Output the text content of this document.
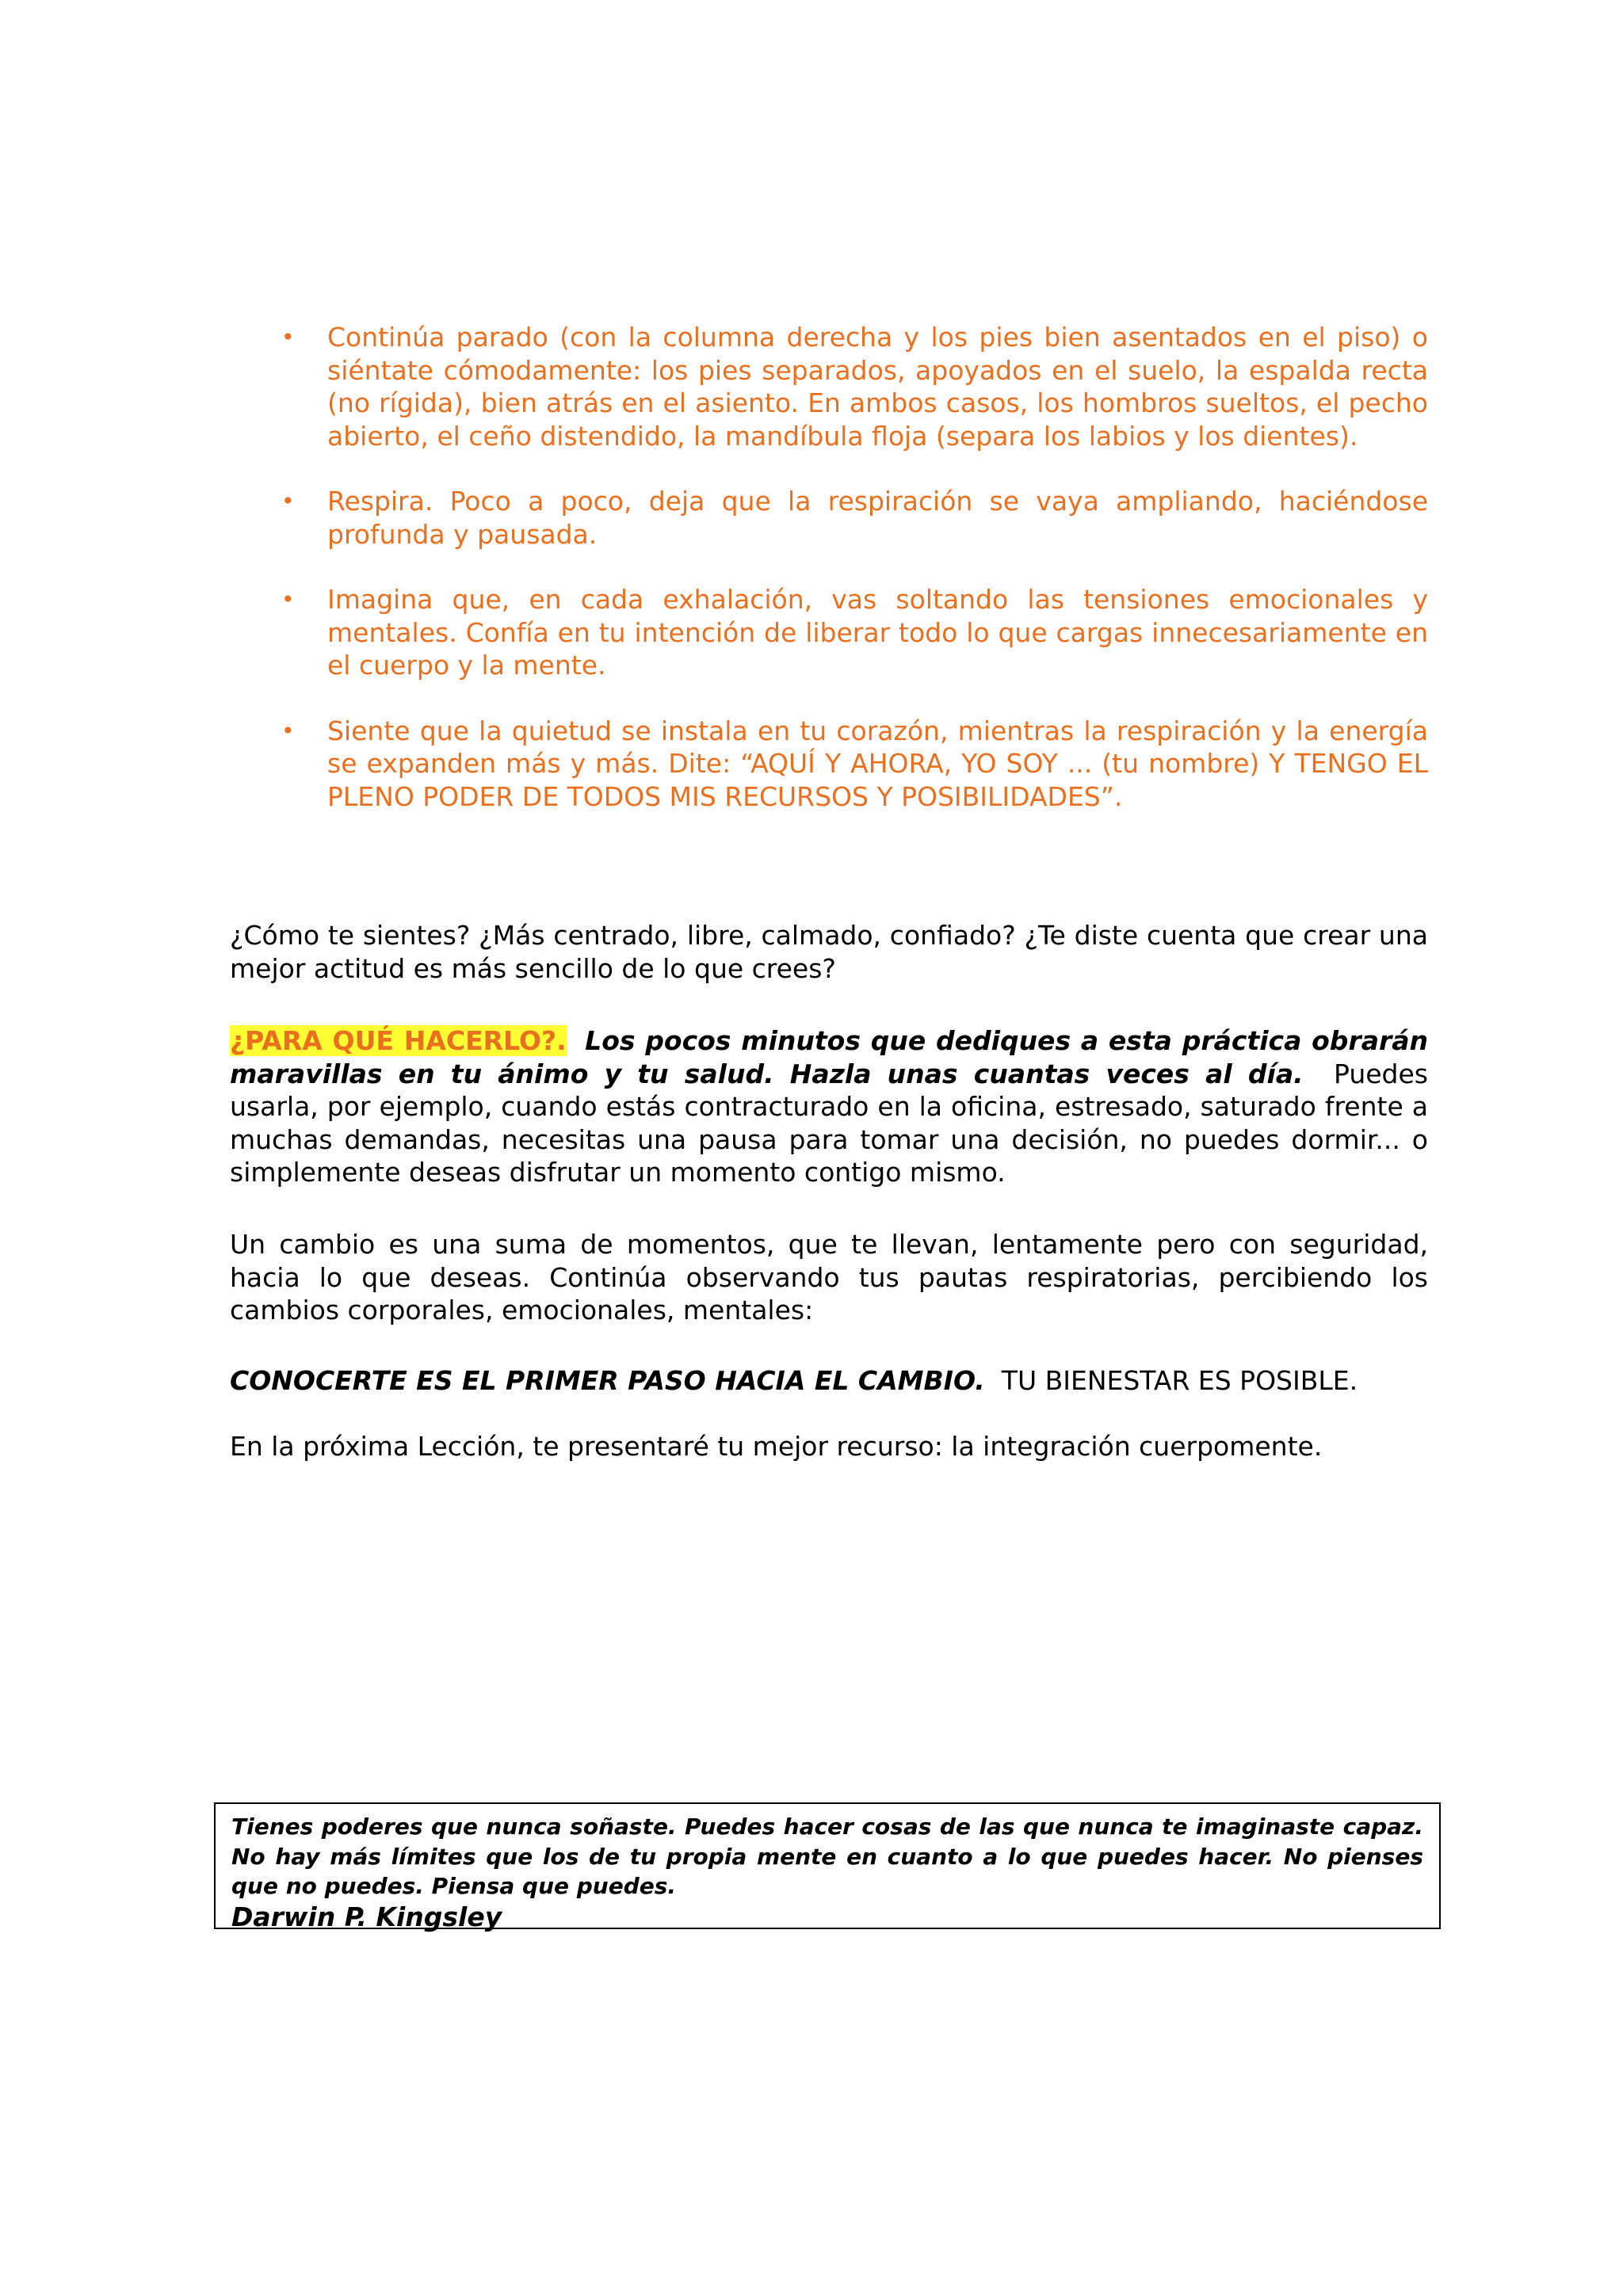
• Continúa parado (con la columna derecha y los pies bien asentados en el piso) o siéntate cómodamente: los pies separados, apoyados en el suelo, la espalda recta (no rígida), bien atrás en el asiento. En ambos casos, los hombros sueltos, el pecho abierto, el ceño distendido, la mandíbula floja (separa los labios y los dientes).
• Respira. Poco a poco, deja que la respiración se vaya ampliando, haciéndose profunda y pausada.
• Imagina que, en cada exhalación, vas soltando las tensiones emocionales y mentales. Confía en tu intención de liberar todo lo que cargas innecesariamente en el cuerpo y la mente.
• Siente que la quietud se instala en tu corazón, mientras la respiración y la energía se expanden más y más. Dite: “AQUÍ Y AHORA, YO SOY ... (tu nombre) Y TENGO EL PLENO PODER DE TODOS MIS RECURSOS Y POSIBILIDADES”.

¿Cómo te sientes? ¿Más centrado, libre, calmado, confiado? ¿Te diste cuenta que crear una mejor actitud es más sencillo de lo que crees?

¿PARA QUÉ HACERLO?. Los pocos minutos que dediques a esta práctica obrarán maravillas en tu ánimo y tu salud. Hazla unas cuantas veces al día. Puedes usarla, por ejemplo, cuando estás contracturado en la oficina, estresado, saturado frente a muchas demandas, necesitas una pausa para tomar una decisión, no puedes dormir... o simplemente deseas disfrutar un momento contigo mismo.

Un cambio es una suma de momentos, que te llevan, lentamente pero con seguridad, hacia lo que deseas. Continúa observando tus pautas respiratorias, percibiendo los cambios corporales, emocionales, mentales:

CONOCERTE ES EL PRIMER PASO HACIA EL CAMBIO. TU BIENESTAR ES POSIBLE.

En la próxima Lección, te presentaré tu mejor recurso: la integración cuerpomente.

Tienes poderes que nunca soñaste. Puedes hacer cosas de las que nunca te imaginaste capaz. No hay más límites que los de tu propia mente en cuanto a lo que puedes hacer. No pienses que no puedes. Piensa que puedes.

Darwin P. Kingsley
